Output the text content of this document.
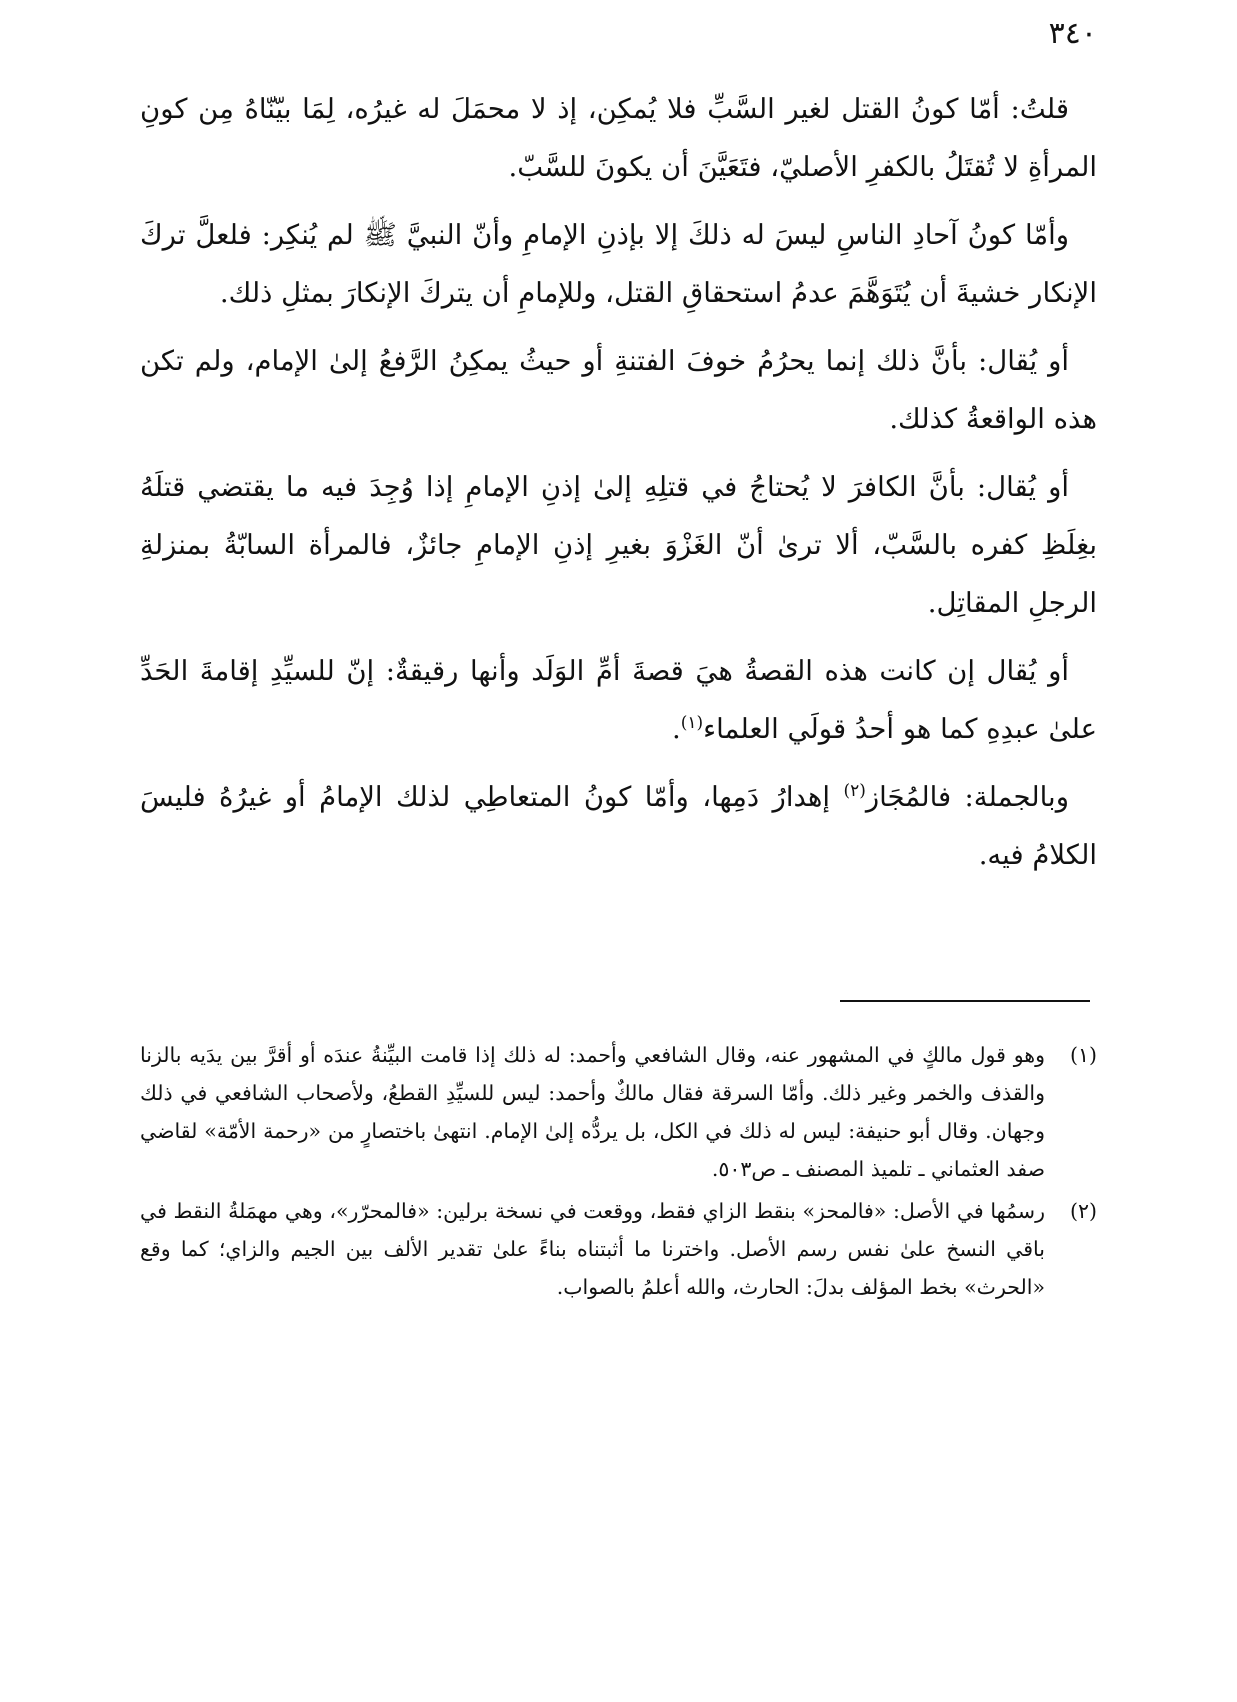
٣٤٠

قلتُ: أمّا كونُ القتل لغير السَّبِّ فلا يُمكِن، إذ لا محمَلَ له غيرُه، لِمَا بيّنّاهُ مِن كونِ المرأةِ لا تُقتَلُ بالكفرِ الأصليّ، فتَعَيَّنَ أن يكونَ للسَّبّ.

وأمّا كونُ آحادِ الناسِ ليسَ له ذلكَ إلا بإذنِ الإمامِ وأنّ النبيَّ ﷺ لم يُنكِر: فلعلَّ تركَ الإنكار خشيةَ أن يُتَوَهَّمَ عدمُ استحقاقِ القتل، وللإمامِ أن يتركَ الإنكارَ بمثلِ ذلك.

أو يُقال: بأنَّ ذلك إنما يحرُمُ خوفَ الفتنةِ أو حيثُ يمكِنُ الرَّفعُ إلىٰ الإمام، ولم تكن هذه الواقعةُ كذلك.

أو يُقال: بأنَّ الكافرَ لا يُحتاجُ في قتلِهِ إلىٰ إذنِ الإمامِ إذا وُجِدَ فيه ما يقتضي قتلَهُ بغِلَظِ كفره بالسَّبّ، ألا ترىٰ أنّ الغَزْوَ بغيرِ إذنِ الإمامِ جائزٌ، فالمرأة السابّةُ بمنزلةِ الرجلِ المقاتِل.

أو يُقال إن كانت هذه القصةُ هيَ قصةَ أمِّ الوَلَد وأنها رقيقةٌ: إنّ للسيِّدِ إقامةَ الحَدِّ علىٰ عبدِهِ كما هو أحدُ قولَي العلماء$^{(١)}$.

وبالجملة: فالمُجَاز$^{(٢)}$ إهدارُ دَمِها، وأمّا كونُ المتعاطِي لذلك الإمامُ أو غيرُهُ فليسَ الكلامُ فيه.

(١)
وهو قول مالكٍ في المشهور عنه، وقال الشافعي وأحمد: له ذلك إذا قامت البيِّنةُ عندَه أو أقرَّ بين يدَيه بالزنا والقذف والخمر وغير ذلك. وأمّا السرقة فقال مالكٌ وأحمد: ليس للسيِّدِ القطعُ، ولأصحاب الشافعي في ذلك وجهان. وقال أبو حنيفة: ليس له ذلك في الكل، بل يردُّه إلىٰ الإمام. انتهىٰ باختصارٍ من «رحمة الأمّة» لقاضي صفد العثماني ـ تلميذ المصنف ـ ص٥٠٣.
(٢)
رسمُها في الأصل: «فالمحز» بنقط الزاي فقط، ووقعت في نسخة برلين: «فالمحرّر»، وهي مهمَلةُ النقط في باقي النسخ علىٰ نفس رسم الأصل. واخترنا ما أثبتناه بناءً علىٰ تقدير الألف بين الجيم والزاي؛ كما وقع «الحرث» بخط المؤلف بدلَ: الحارث، والله أعلمُ بالصواب.
